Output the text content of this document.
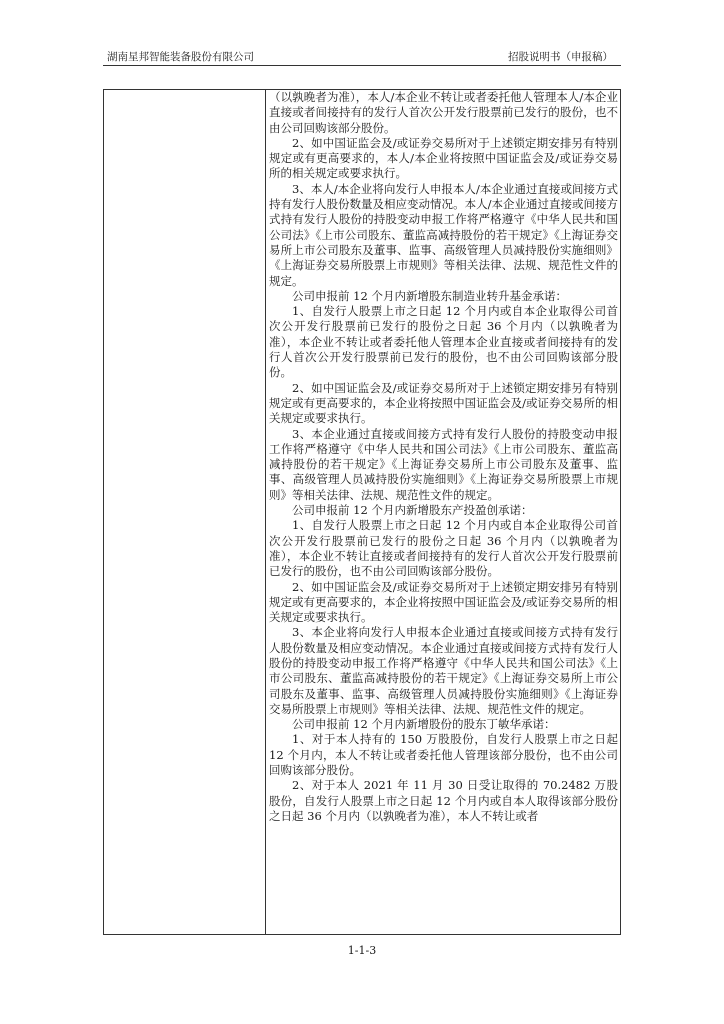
湖南星邦智能装备股份有限公司	招股说明书（申报稿）

（以孰晚者为准），本人/本企业不转让或者委托他人管理本人/本企业直接或者间接持有的发行人首次公开发行股票前已发行的股份，也不由公司回购该部分股份。

2、如中国证监会及/或证券交易所对于上述锁定期安排另有特别规定或有更高要求的，本人/本企业将按照中国证监会及/或证券交易所的相关规定或要求执行。

3、本人/本企业将向发行人申报本人/本企业通过直接或间接方式持有发行人股份数量及相应变动情况。本人/本企业通过直接或间接方式持有发行人股份的持股变动申报工作将严格遵守《中华人民共和国公司法》《上市公司股东、董监高减持股份的若干规定》《上海证券交易所上市公司股东及董事、监事、高级管理人员减持股份实施细则》《上海证券交易所股票上市规则》等相关法律、法规、规范性文件的规定。

公司申报前 12 个月内新增股东制造业转升基金承诺：

1、自发行人股票上市之日起 12 个月内或自本企业取得公司首次公开发行股票前已发行的股份之日起 36 个月内（以孰晚者为准），本企业不转让或者委托他人管理本企业直接或者间接持有的发行人首次公开发行股票前已发行的股份，也不由公司回购该部分股份。

2、如中国证监会及/或证券交易所对于上述锁定期安排另有特别规定或有更高要求的，本企业将按照中国证监会及/或证券交易所的相关规定或要求执行。

3、本企业通过直接或间接方式持有发行人股份的持股变动申报工作将严格遵守《中华人民共和国公司法》《上市公司股东、董监高减持股份的若干规定》《上海证券交易所上市公司股东及董事、监事、高级管理人员减持股份实施细则》《上海证券交易所股票上市规则》等相关法律、法规、规范性文件的规定。

公司申报前 12 个月内新增股东产投盈创承诺：

1、自发行人股票上市之日起 12 个月内或自本企业取得公司首次公开发行股票前已发行的股份之日起 36 个月内（以孰晚者为准），本企业不转让直接或者间接持有的发行人首次公开发行股票前已发行的股份，也不由公司回购该部分股份。

2、如中国证监会及/或证券交易所对于上述锁定期安排另有特别规定或有更高要求的，本企业将按照中国证监会及/或证券交易所的相关规定或要求执行。

3、本企业将向发行人申报本企业通过直接或间接方式持有发行人股份数量及相应变动情况。本企业通过直接或间接方式持有发行人股份的持股变动申报工作将严格遵守《中华人民共和国公司法》《上市公司股东、董监高减持股份的若干规定》《上海证券交易所上市公司股东及董事、监事、高级管理人员减持股份实施细则》《上海证券交易所股票上市规则》等相关法律、法规、规范性文件的规定。

公司申报前 12 个月内新增股份的股东丁敏华承诺：

1、对于本人持有的 150 万股股份，自发行人股票上市之日起 12 个月内，本人不转让或者委托他人管理该部分股份，也不由公司回购该部分股份。

2、对于本人 2021 年 11 月 30 日受让取得的 70.2482 万股股份，自发行人股票上市之日起 12 个月内或自本人取得该部分股份之日起 36 个月内（以孰晚者为准），本人不转让或者

1-1-3
